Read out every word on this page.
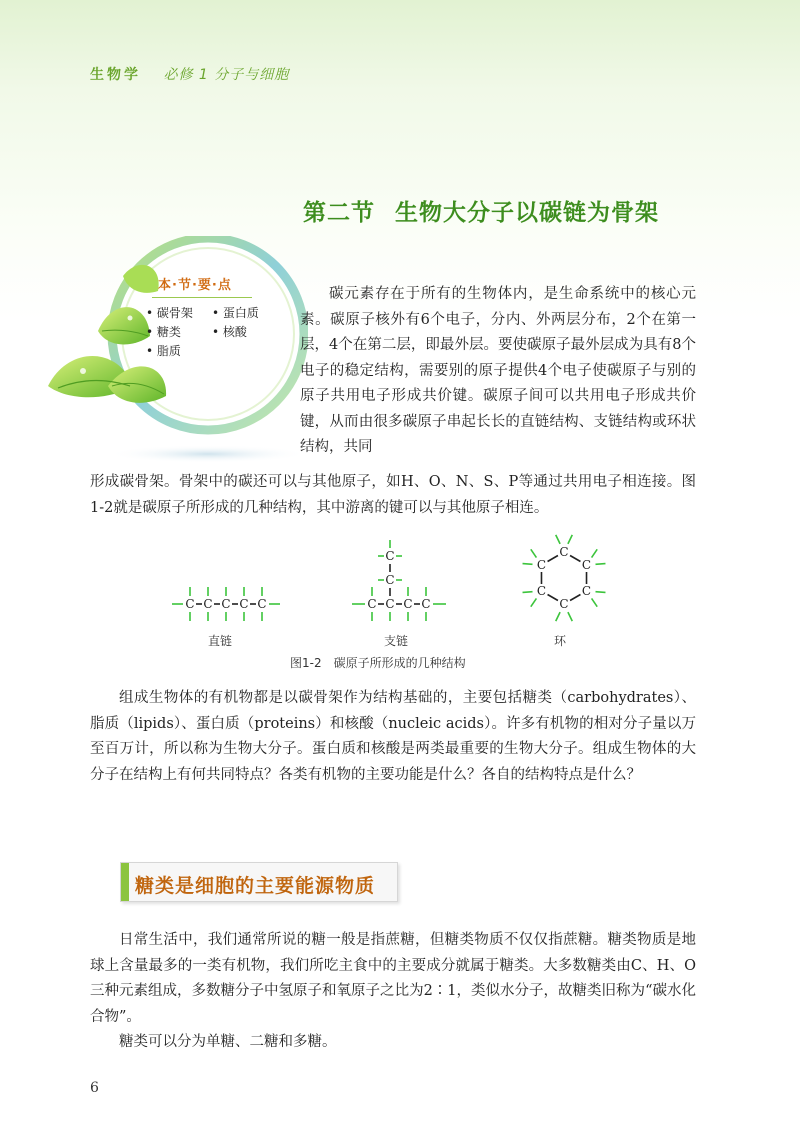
生物学 必修 1 分子与细胞
第二节 生物大分子以碳链为骨架
本·节·要·点
• 碳骨架	• 蛋白质
• 糖类	• 核酸
• 脂质

碳元素存在于所有的生物体内，是生命系统中的核心元素。碳原子核外有6个电子，分内、外两层分布，2个在第一层，4个在第二层，即最外层。要使碳原子最外层成为具有8个电子的稳定结构，需要别的原子提供4个电子使碳原子与别的原子共用电子形成共价键。碳原子间可以共用电子形成共价键，从而由很多碳原子串起长长的直链结构、支链结构或环状结构，共同

形成碳骨架。骨架中的碳还可以与其他原子，如H、O、N、S、P等通过共用电子相连接。图1-2就是碳原子所形成的几种结构，其中游离的键可以与其他原子相连。

C C C C C	C C C C
C
C	C
C
C
C
C
C
直链	支链	环
图1-2 碳原子所形成的几种结构

组成生物体的有机物都是以碳骨架作为结构基础的，主要包括糖类（carbohydrates）、脂质（lipids）、蛋白质（proteins）和核酸（nucleic acids）。许多有机物的相对分子量以万至百万计，所以称为生物大分子。蛋白质和核酸是两类最重要的生物大分子。组成生物体的大分子在结构上有何共同特点？各类有机物的主要功能是什么？各自的结构特点是什么？

糖类是细胞的主要能源物质

日常生活中，我们通常所说的糖一般是指蔗糖，但糖类物质不仅仅指蔗糖。糖类物质是地球上含量最多的一类有机物，我们所吃主食中的主要成分就属于糖类。大多数糖类由C、H、O三种元素组成，多数糖分子中氢原子和氧原子之比为2∶1，类似水分子，故糖类旧称为“碳水化合物”。

糖类可以分为单糖、二糖和多糖。

6
